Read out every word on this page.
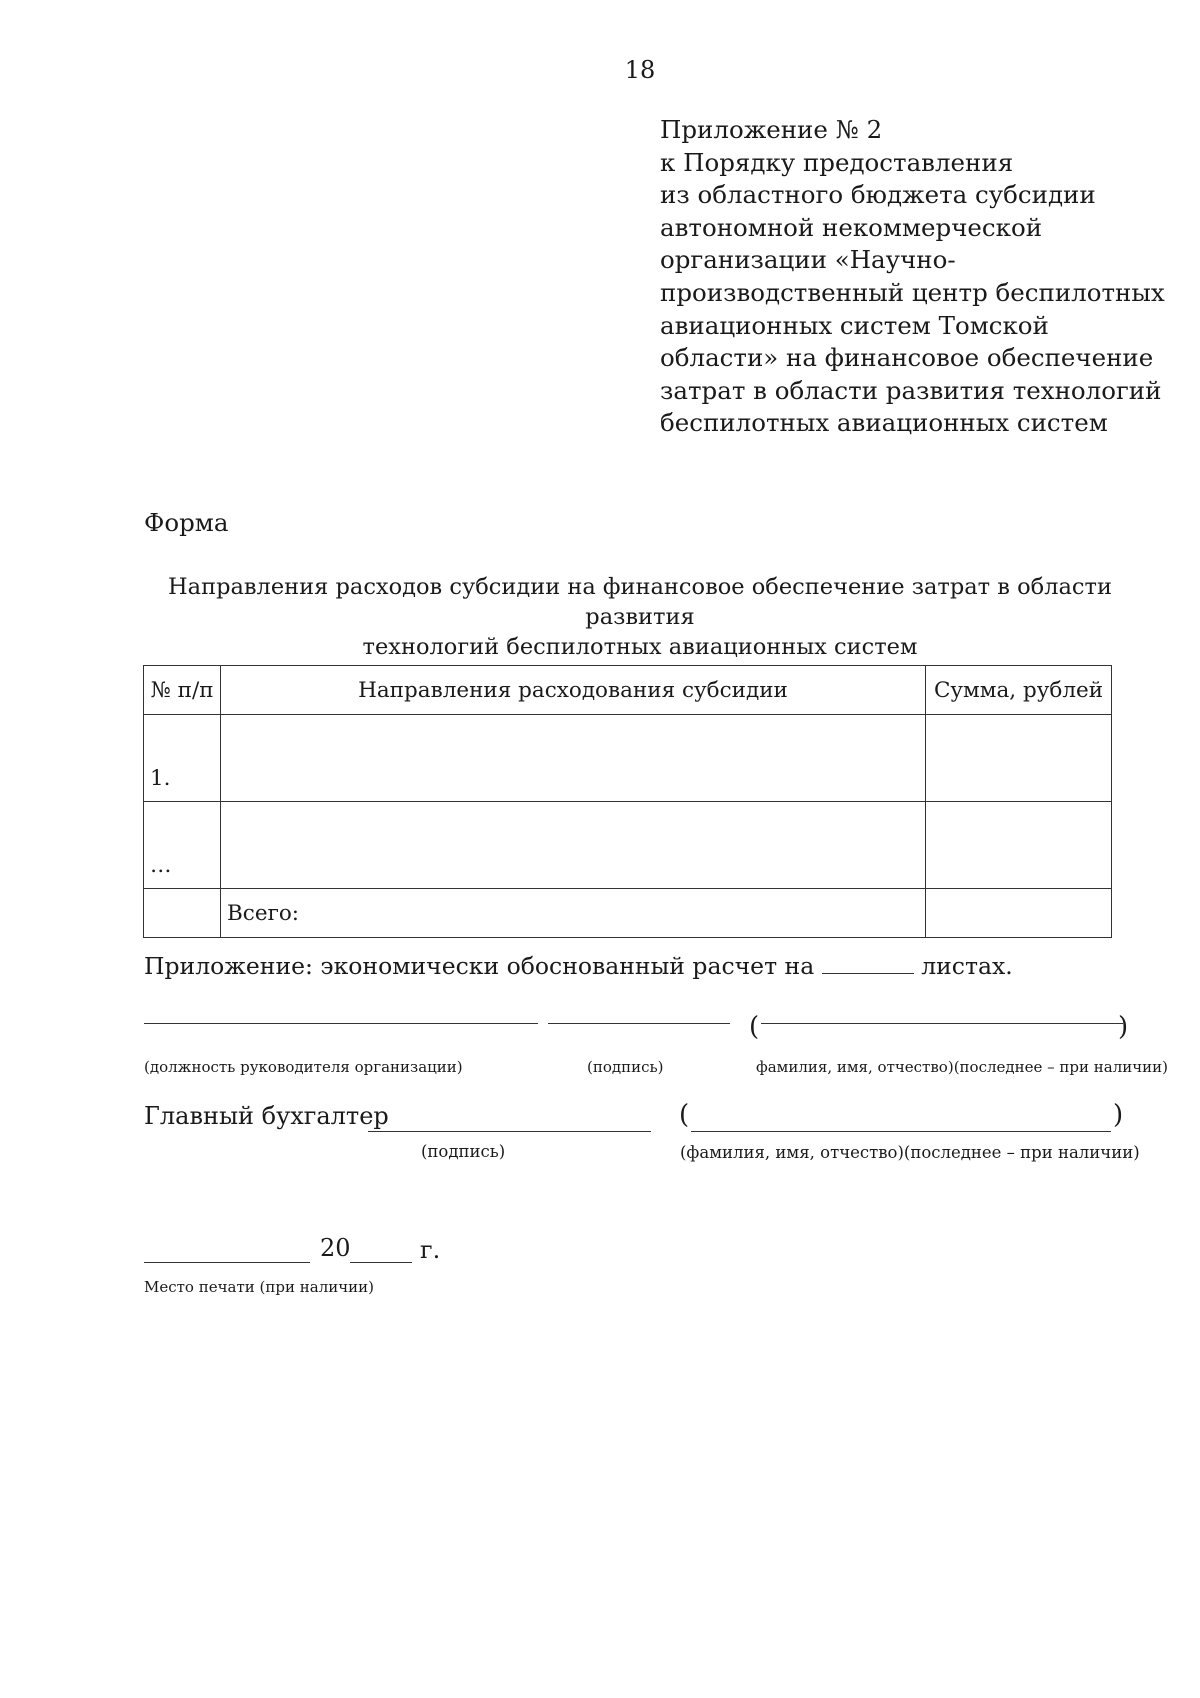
18
Приложение № 2
к Порядку предоставления
из областного бюджета субсидии
автономной некоммерческой
организации «Научно-
производственный центр беспилотных
авиационных систем Томской
области» на финансовое обеспечение
затрат в области развития технологий
беспилотных авиационных систем
Форма
Направления расходов субсидии на финансовое обеспечение затрат в области развития
технологий беспилотных авиационных систем
№ п/п	Направления расходования субсидии	Сумма, рублей
1.		
…		
	Всего:	
Приложение: экономически обоснованный расчет на	листах.
(	)
(должность руководителя организации)	(подпись)	фамилия, имя, отчество)(последнее – при наличии)
Главный бухгалтер	(	)
(подпись)	(фамилия, имя, отчество)(последнее – при наличии)
20	г.
Место печати (при наличии)
